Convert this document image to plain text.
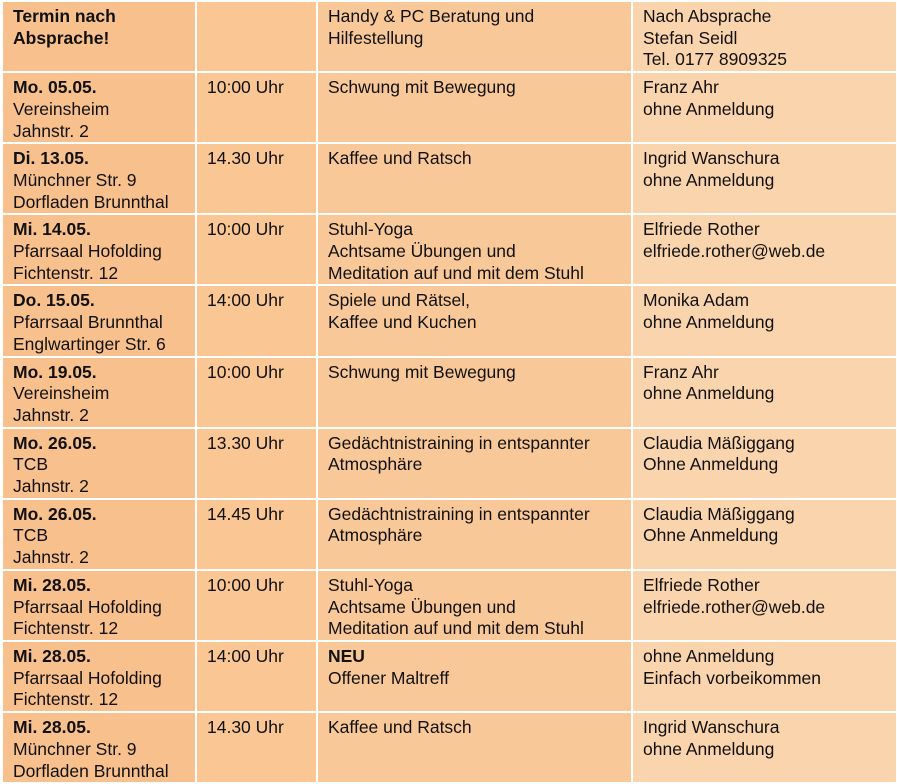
Termin nach
Absprache!		Handy & PC Beratung und
Hilfestellung	Nach Absprache
Stefan Seidl
Tel. 0177 8909325

Mo. 05.05.
Vereinsheim
Jahnstr. 2	10:00 Uhr	Schwung mit Bewegung	Franz Ahr
ohne Anmeldung

Di. 13.05.
Münchner Str. 9
Dorfladen Brunnthal	14.30 Uhr	Kaffee und Ratsch	Ingrid Wanschura
ohne Anmeldung

Mi. 14.05.
Pfarrsaal Hofolding
Fichtenstr. 12	10:00 Uhr	Stuhl-Yoga
Achtsame Übungen und
Meditation auf und mit dem Stuhl	Elfriede Rother
elfriede.rother@web.de

Do. 15.05.
Pfarrsaal Brunnthal
Englwartinger Str. 6	14:00 Uhr	Spiele und Rätsel,
Kaffee und Kuchen	Monika Adam
ohne Anmeldung

Mo. 19.05.
Vereinsheim
Jahnstr. 2	10:00 Uhr	Schwung mit Bewegung	Franz Ahr
ohne Anmeldung

Mo. 26.05.
TCB
Jahnstr. 2	13.30 Uhr	Gedächtnistraining in entspannter
Atmosphäre	Claudia Mäßiggang
Ohne Anmeldung

Mo. 26.05.
TCB
Jahnstr. 2	14.45 Uhr	Gedächtnistraining in entspannter
Atmosphäre	Claudia Mäßiggang
Ohne Anmeldung

Mi. 28.05.
Pfarrsaal Hofolding
Fichtenstr. 12	10:00 Uhr	Stuhl-Yoga
Achtsame Übungen und
Meditation auf und mit dem Stuhl	Elfriede Rother
elfriede.rother@web.de

Mi. 28.05.
Pfarrsaal Hofolding
Fichtenstr. 12	14:00 Uhr	NEU
Offener Maltreff	ohne Anmeldung
Einfach vorbeikommen

Mi. 28.05.
Münchner Str. 9
Dorfladen Brunnthal	14.30 Uhr	Kaffee und Ratsch	Ingrid Wanschura
ohne Anmeldung
